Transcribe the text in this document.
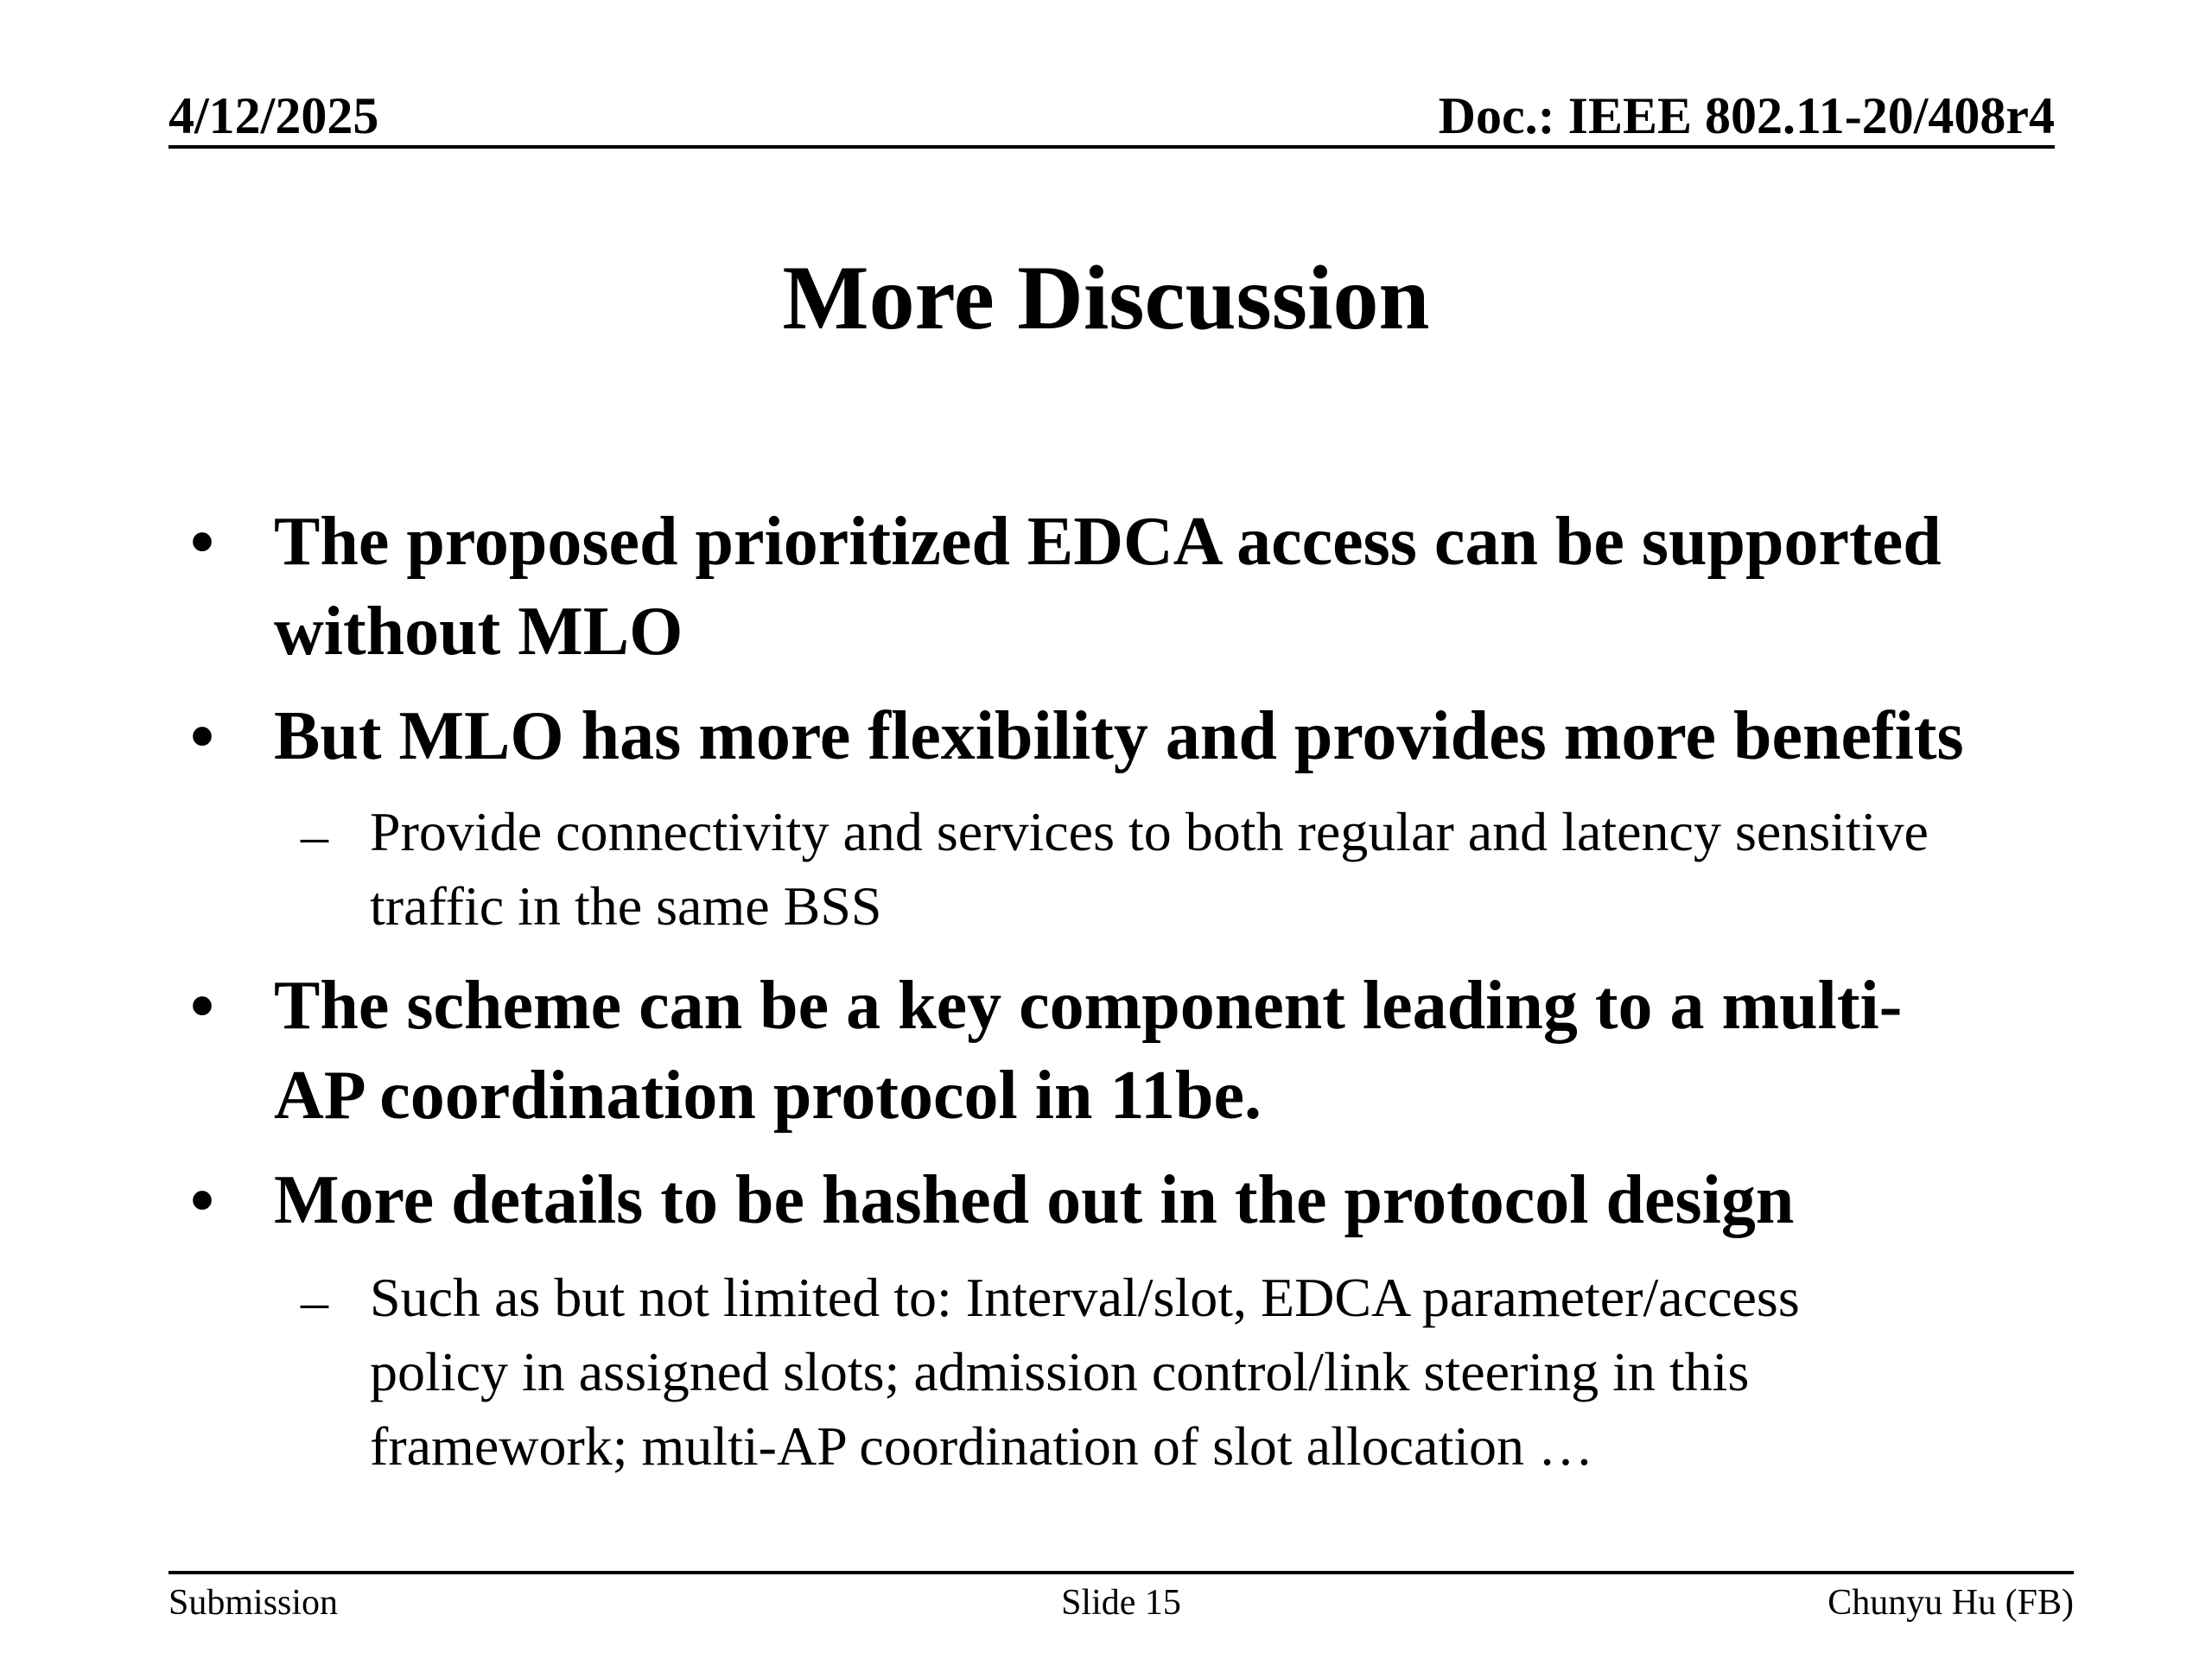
4/12/2025	Doc.: IEEE 802.11-20/408r4
More Discussion
• The proposed prioritized EDCA access can be supported
without MLO
• But MLO has more flexibility and provides more benefits
– Provide connectivity and services to both regular and latency sensitive
traffic in the same BSS
• The scheme can be a key component leading to a multi-
AP coordination protocol in 11be.
• More details to be hashed out in the protocol design
– Such as but not limited to: Interval/slot, EDCA parameter/access
policy in assigned slots; admission control/link steering in this
framework; multi-AP coordination of slot allocation …
Submission	Slide 15	Chunyu Hu (FB)
